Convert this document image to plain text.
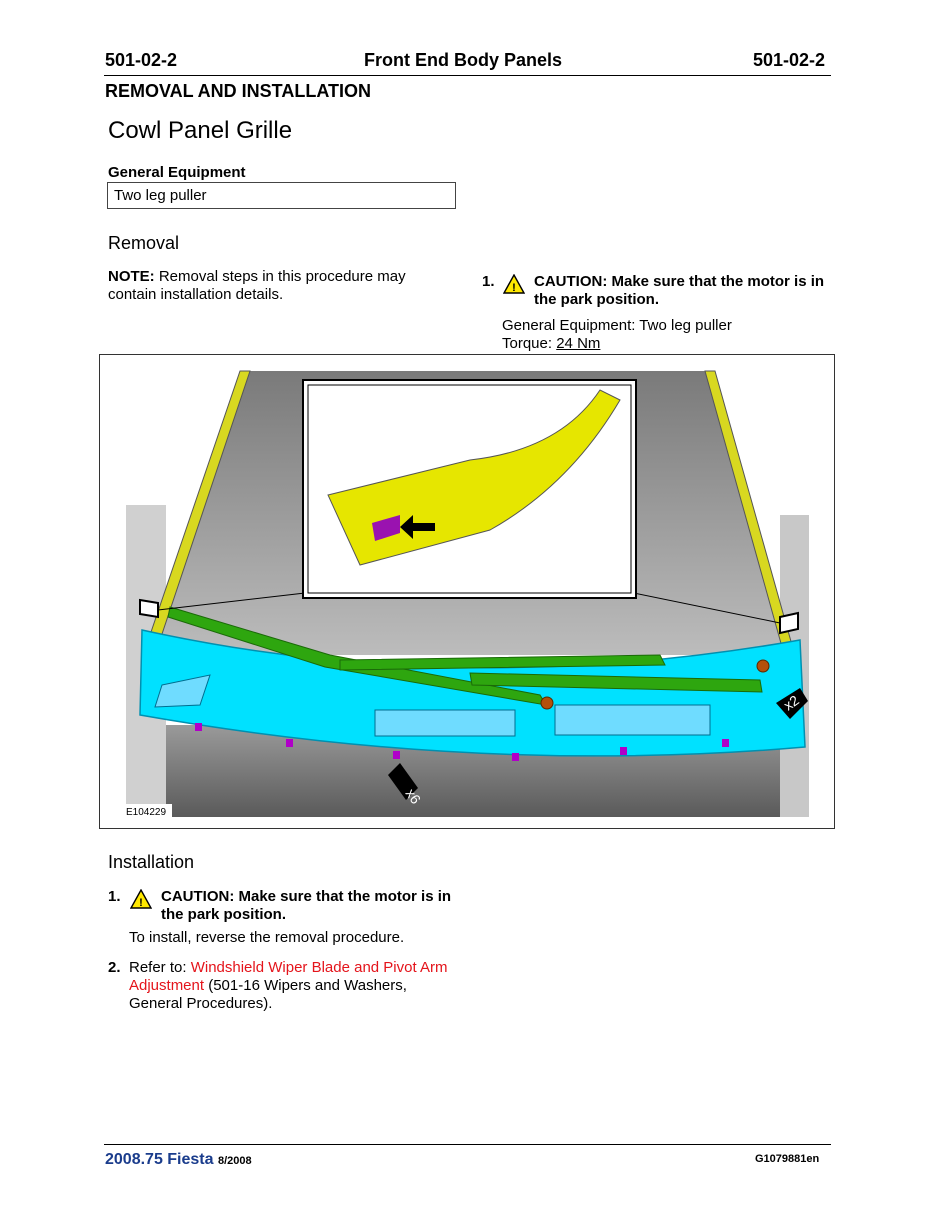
501-02-2	Front End Body Panels	501-02-2
REMOVAL AND INSTALLATION
Cowl Panel Grille
General Equipment
Two leg puller
Removal
NOTE: Removal steps in this procedure may contain installation details.
1. ! CAUTION: Make sure that the motor is in the park position.
General Equipment: Two leg puller
Torque: 24 Nm
x2
x6
E104229
Installation
1. ! CAUTION: Make sure that the motor is in the park position.
To install, reverse the removal procedure.
2. Refer to: Windshield Wiper Blade and Pivot Arm Adjustment (501-16 Wipers and Washers, General Procedures).
2008.75 Fiesta 8/2008	G1079881en
